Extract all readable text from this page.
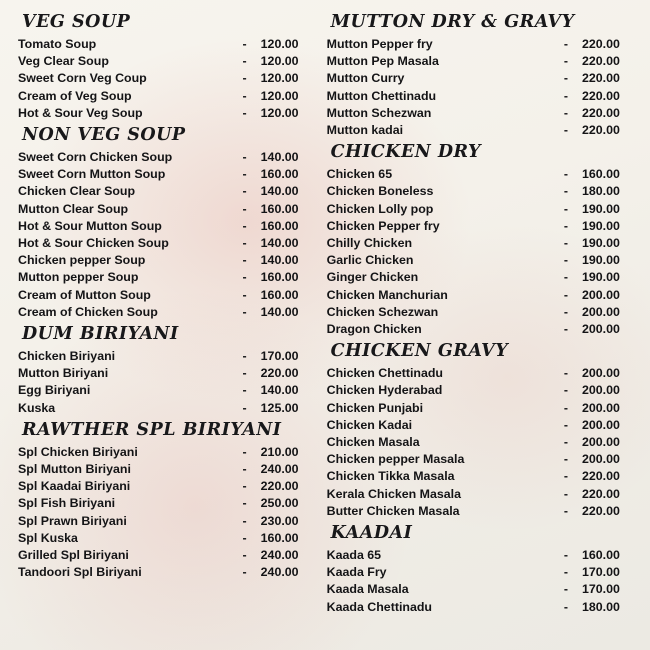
VEG SOUP
Tomato Soup	-	120.00
Veg Clear Soup	-	120.00
Sweet Corn Veg Coup	-	120.00
Cream of Veg Soup	-	120.00
Hot & Sour Veg Soup	-	120.00
NON VEG SOUP
Sweet Corn Chicken Soup	-	140.00
Sweet Corn Mutton Soup	-	160.00
Chicken Clear Soup	-	140.00
Mutton Clear Soup	-	160.00
Hot & Sour Mutton Soup	-	160.00
Hot & Sour Chicken Soup	-	140.00
Chicken pepper Soup	-	140.00
Mutton pepper Soup	-	160.00
Cream of Mutton Soup	-	160.00
Cream of Chicken Soup	-	140.00
DUM BIRIYANI
Chicken Biriyani	-	170.00
Mutton Biriyani	-	220.00
Egg Biriyani	-	140.00
Kuska	-	125.00
RAWTHER SPL BIRIYANI
Spl Chicken Biriyani	-	210.00
Spl Mutton Biriyani	-	240.00
Spl Kaadai Biriyani	-	220.00
Spl Fish Biriyani	-	250.00
Spl Prawn Biriyani	-	230.00
Spl Kuska	-	160.00
Grilled Spl Biriyani	-	240.00
Tandoori Spl Biriyani	-	240.00
MUTTON DRY & GRAVY
Mutton Pepper fry	-	220.00
Mutton Pep Masala	-	220.00
Mutton Curry	-	220.00
Mutton Chettinadu	-	220.00
Mutton Schezwan	-	220.00
Mutton kadai	-	220.00
CHICKEN DRY
Chicken 65	-	160.00
Chicken Boneless	-	180.00
Chicken Lolly pop	-	190.00
Chicken Pepper fry	-	190.00
Chilly Chicken	-	190.00
Garlic Chicken	-	190.00
Ginger Chicken	-	190.00
Chicken Manchurian	-	200.00
Chicken Schezwan	-	200.00
Dragon Chicken	-	200.00
CHICKEN GRAVY
Chicken Chettinadu	-	200.00
Chicken Hyderabad	-	200.00
Chicken Punjabi	-	200.00
Chicken Kadai	-	200.00
Chicken Masala	-	200.00
Chicken pepper Masala	-	200.00
Chicken Tikka Masala	-	220.00
Kerala Chicken Masala	-	220.00
Butter Chicken Masala	-	220.00
KAADAI
Kaada 65	-	160.00
Kaada Fry	-	170.00
Kaada Masala	-	170.00
Kaada Chettinadu	-	180.00
